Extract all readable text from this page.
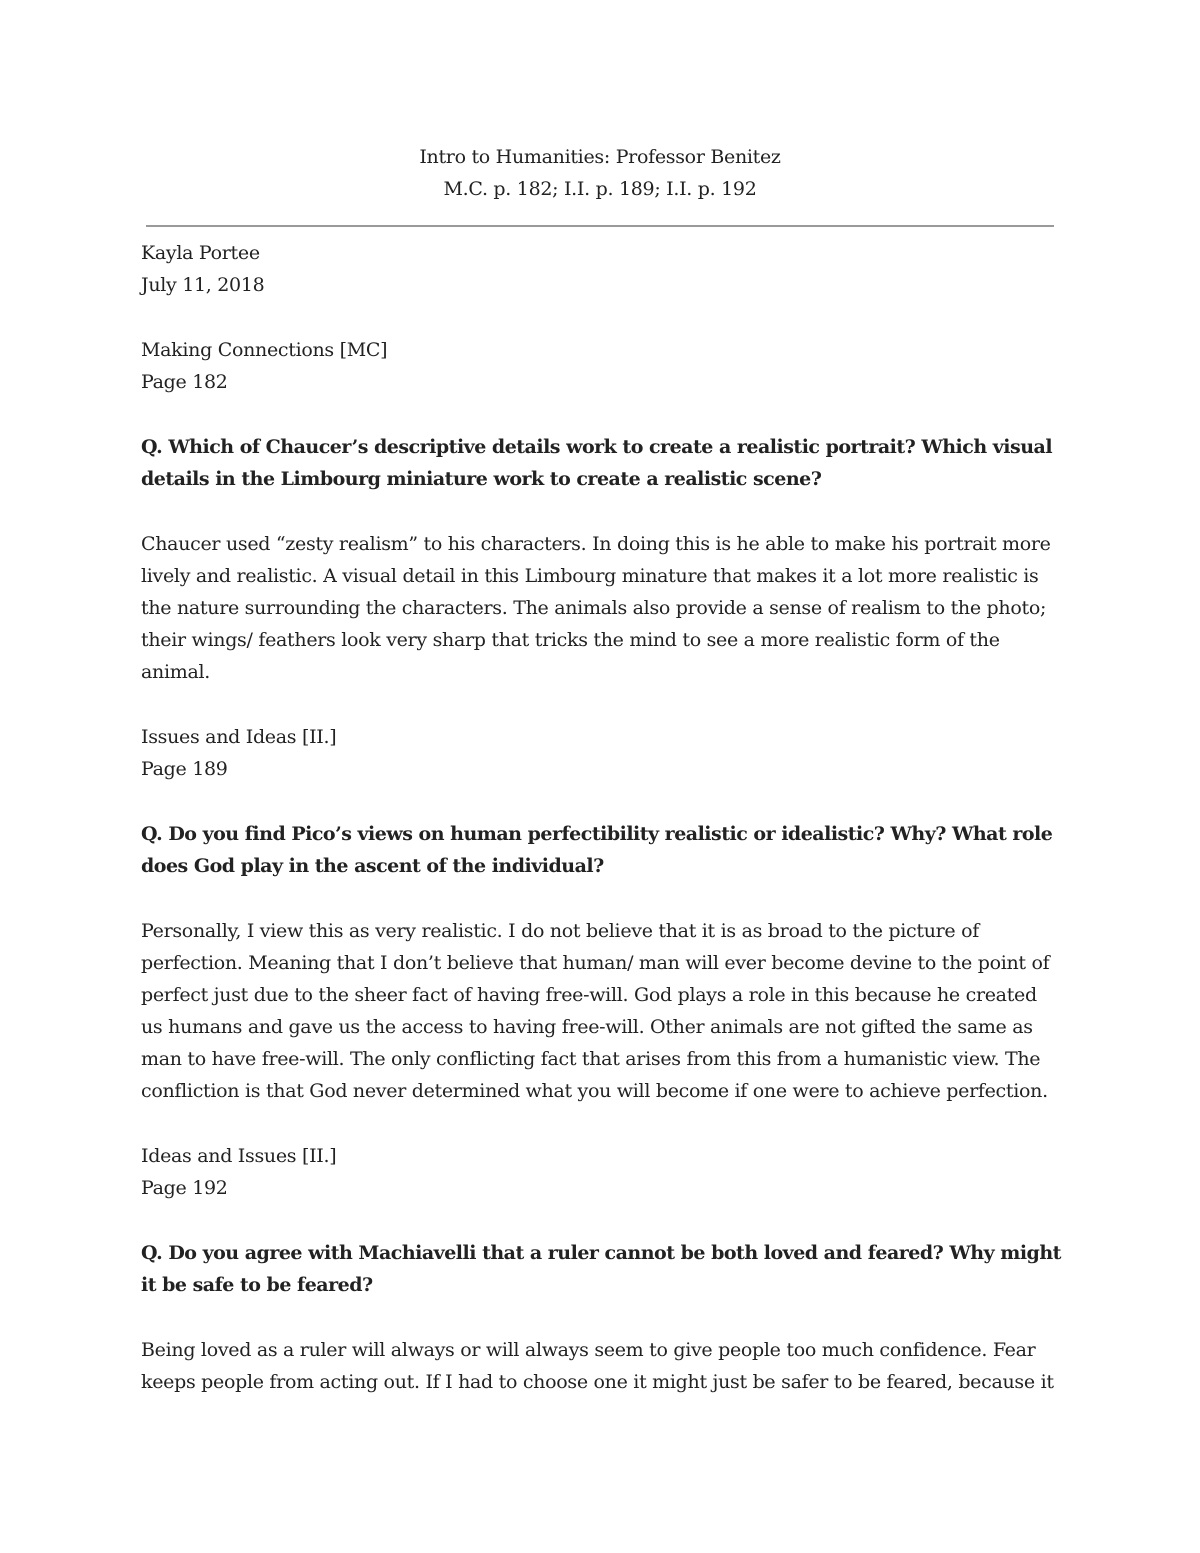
Intro to Humanities: Professor Benitez
M.C. p. 182; I.I. p. 189; I.I. p. 192
Kayla Portee
July 11, 2018
Making Connections [MC]
Page 182
Q. Which of Chaucer’s descriptive details work to create a realistic portrait? Which visual
details in the Limbourg miniature work to create a realistic scene?
Chaucer used “zesty realism” to his characters. In doing this is he able to make his portrait more
lively and realistic. A visual detail in this Limbourg minature that makes it a lot more realistic is
the nature surrounding the characters. The animals also provide a sense of realism to the photo;
their wings/ feathers look very sharp that tricks the mind to see a more realistic form of the
animal.
Issues and Ideas [II.]
Page 189
Q. Do you find Pico’s views on human perfectibility realistic or idealistic? Why? What role
does God play in the ascent of the individual?
Personally, I view this as very realistic. I do not believe that it is as broad to the picture of
perfection. Meaning that I don’t believe that human/ man will ever become devine to the point of
perfect just due to the sheer fact of having free-will. God plays a role in this because he created
us humans and gave us the access to having free-will. Other animals are not gifted the same as
man to have free-will. The only conflicting fact that arises from this from a humanistic view. The
confliction is that God never determined what you will become if one were to achieve perfection.
Ideas and Issues [II.]
Page 192
Q. Do you agree with Machiavelli that a ruler cannot be both loved and feared? Why might
it be safe to be feared?
Being loved as a ruler will always or will always seem to give people too much confidence. Fear
keeps people from acting out. If I had to choose one it might just be safer to be feared, because it
